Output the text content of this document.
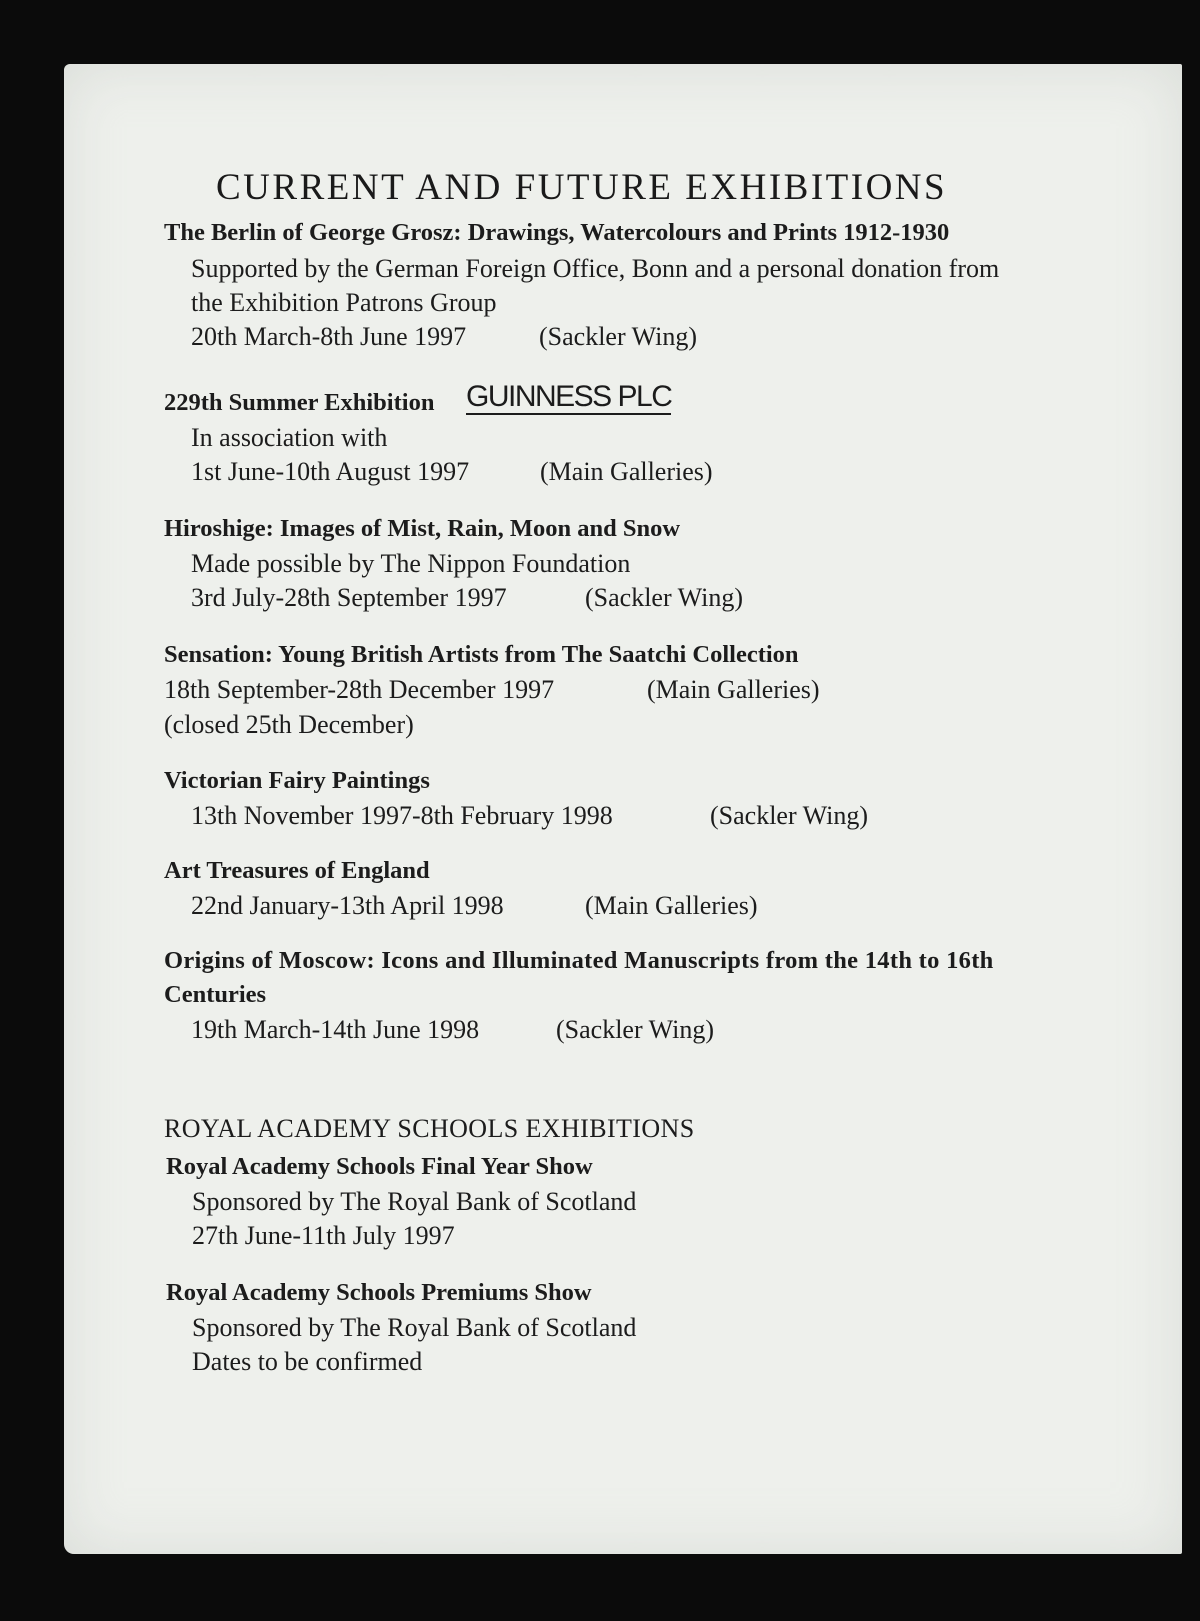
CURRENT AND FUTURE EXHIBITIONS
The Berlin of George Grosz: Drawings, Watercolours and Prints 1912-1930
Supported by the German Foreign Office, Bonn and a personal donation from
the Exhibition Patrons Group
20th March-8th June 1997	(Sackler Wing)
229th Summer Exhibition GUINNESS PLC
In association with
1st June-10th August 1997	(Main Galleries)
Hiroshige: Images of Mist, Rain, Moon and Snow
Made possible by The Nippon Foundation
3rd July-28th September 1997	(Sackler Wing)
Sensation: Young British Artists from The Saatchi Collection
18th September-28th December 1997	(Main Galleries)
(closed 25th December)
Victorian Fairy Paintings
13th November 1997-8th February 1998	(Sackler Wing)
Art Treasures of England
22nd January-13th April 1998	(Main Galleries)
Origins of Moscow: Icons and Illuminated Manuscripts from the 14th to 16th
Centuries
19th March-14th June 1998	(Sackler Wing)
ROYAL ACADEMY SCHOOLS EXHIBITIONS
Royal Academy Schools Final Year Show
Sponsored by The Royal Bank of Scotland
27th June-11th July 1997
Royal Academy Schools Premiums Show
Sponsored by The Royal Bank of Scotland
Dates to be confirmed
